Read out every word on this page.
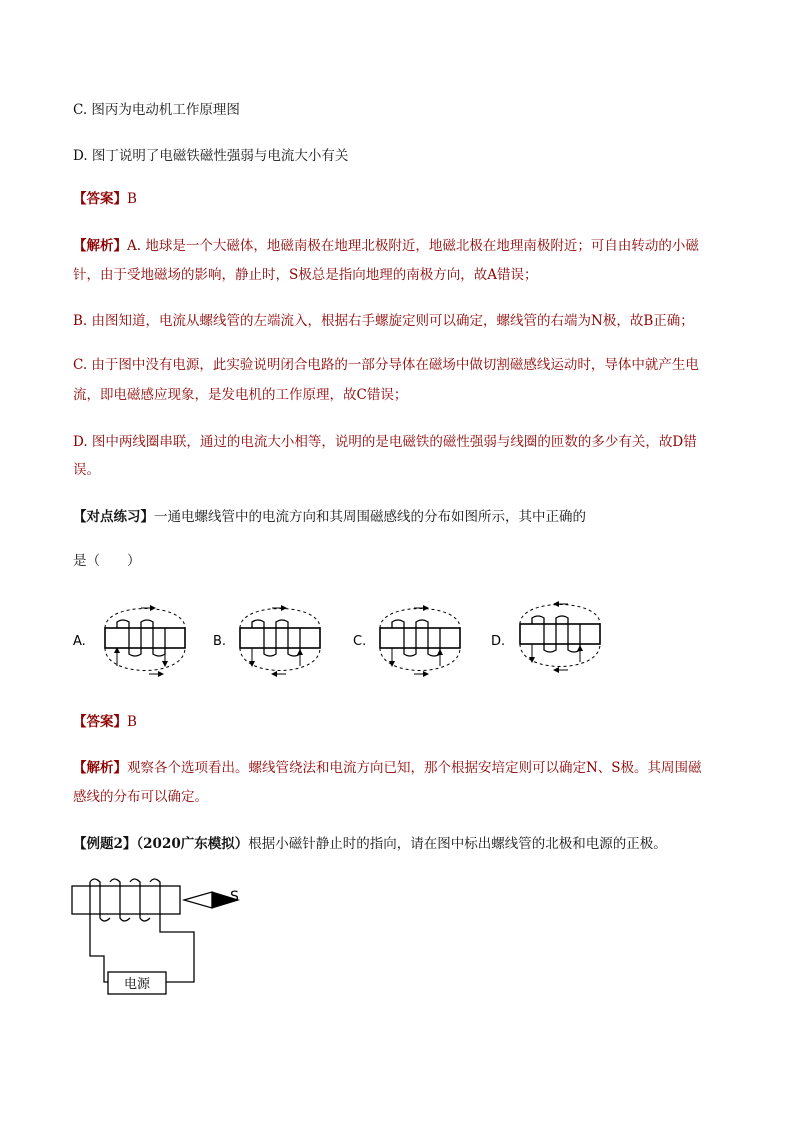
C. 图丙为电动机工作原理图
D. 图丁说明了电磁铁磁性强弱与电流大小有关
【答案】B
【解析】A. 地球是一个大磁体，地磁南极在地理北极附近，地磁北极在地理南极附近；可自由转动的小磁
针，由于受地磁场的影响，静止时，S极总是指向地理的南极方向，故A错误；
B. 由图知道，电流从螺线管的左端流入，根据右手螺旋定则可以确定，螺线管的右端为N极，故B正确；
C. 由于图中没有电源，此实验说明闭合电路的一部分导体在磁场中做切割磁感线运动时，导体中就产生电
流，即电磁感应现象，是发电机的工作原理，故C错误；
D. 图中两线圈串联，通过的电流大小相等，说明的是电磁铁的磁性强弱与线圈的匝数的多少有关，故D错
误。
【对点练习】一通电螺线管中的电流方向和其周围磁感线的分布如图所示，其中正确的
是（　　）
A.	B.	C.	D.
【答案】B
【解析】观察各个选项看出。螺线管绕法和电流方向已知，那个根据安培定则可以确定N、S极。其周围磁
感线的分布可以确定。
【例题2】（2020广东模拟）根据小磁针静止时的指向，请在图中标出螺线管的北极和电源的正极。
电源
S
